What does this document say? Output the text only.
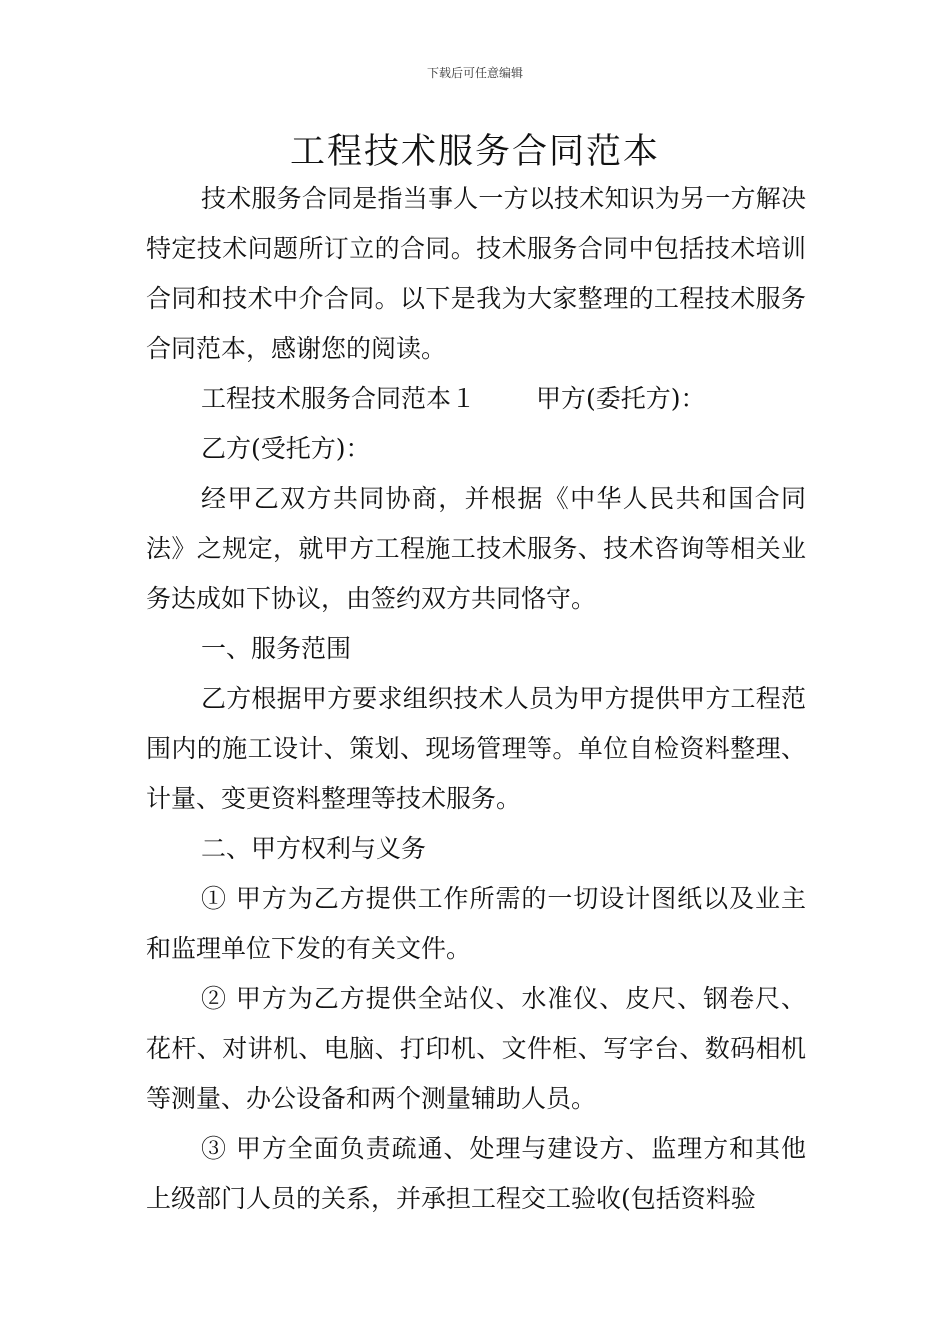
下载后可任意编辑
工程技术服务合同范本

技术服务合同是指当事人一方以技术知识为另一方解决特定技术问题所订立的合同。技术服务合同中包括技术培训合同和技术中介合同。以下是我为大家整理的工程技术服务合同范本，感谢您的阅读。

工程技术服务合同范本１ 甲方(委托方)：

乙方(受托方)：

经甲乙双方共同协商，并根据《中华人民共和国合同法》之规定，就甲方工程施工技术服务、技术咨询等相关业务达成如下协议，由签约双方共同恪守。

一、服务范围

乙方根据甲方要求组织技术人员为甲方提供甲方工程范围内的施工设计、策划、现场管理等。单位自检资料整理、计量、变更资料整理等技术服务。

二、甲方权利与义务

① 甲方为乙方提供工作所需的一切设计图纸以及业主和监理单位下发的有关文件。

② 甲方为乙方提供全站仪、水准仪、皮尺、钢卷尺、花杆、对讲机、电脑、打印机、文件柜、写字台、数码相机等测量、办公设备和两个测量辅助人员。

③ 甲方全面负责疏通、处理与建设方、监理方和其他上级部门人员的关系，并承担工程交工验收(包括资料验
